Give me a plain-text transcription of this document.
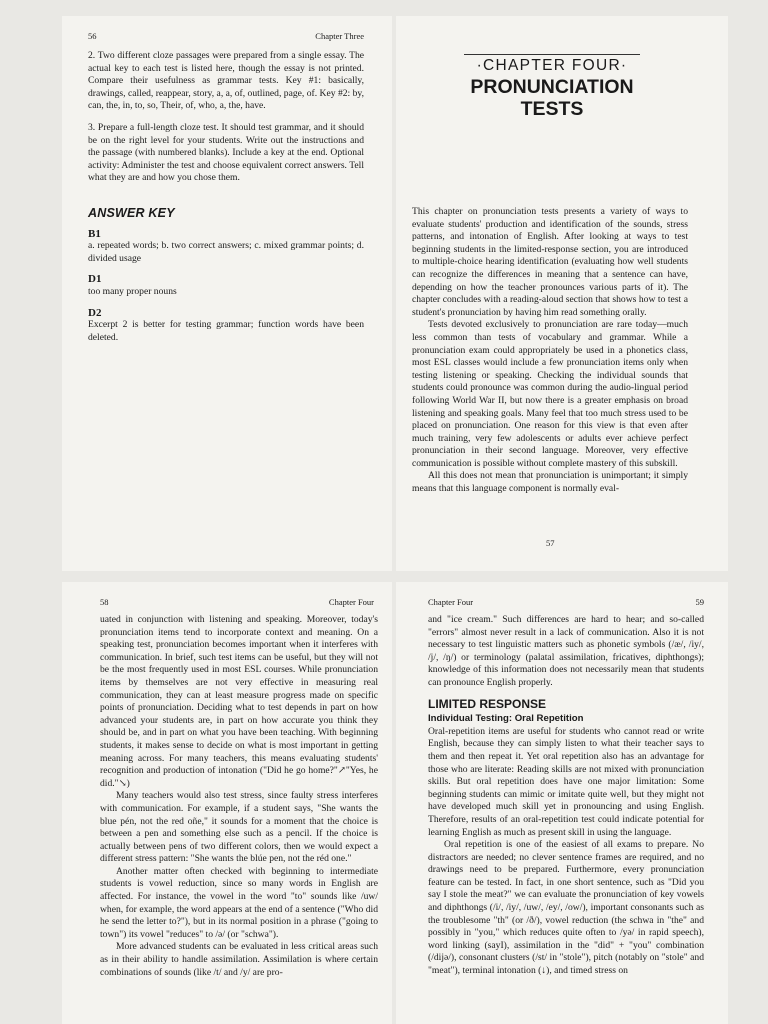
56	Chapter Three

2. Two different cloze passages were prepared from a single essay. The actual key to each test is listed here, though the essay is not printed. Compare their usefulness as grammar tests. Key #1: basically, drawings, called, reappear, story, a, a, of, outlined, page, of. Key #2: by, can, the, in, to, so, Their, of, who, a, the, have.

3. Prepare a full-length cloze test. It should test grammar, and it should be on the right level for your students. Write out the instructions and the passage (with numbered blanks). Include a key at the end. Optional activity: Administer the test and choose equivalent correct answers. Tell what they are and how you chose them.

ANSWER KEY

B1

a. repeated words; b. two correct answers; c. mixed grammar points; d. divided usage

D1

too many proper nouns

D2

Excerpt 2 is better for testing grammar; function words have been deleted.

·CHAPTER FOUR·
PRONUNCIATION
TESTS

This chapter on pronunciation tests presents a variety of ways to evaluate students' production and identification of the sounds, stress patterns, and intonation of English. After looking at ways to test beginning students in the limited-response section, you are introduced to multiple-choice hearing identification (evaluating how well students can recognize the differences in meaning that a sentence can have, depending on how the teacher pronounces various parts of it). The chapter concludes with a reading-aloud section that shows how to test a student's pronunciation by having him read something orally.

Tests devoted exclusively to pronunciation are rare today—much less common than tests of vocabulary and grammar. While a pronunciation exam could appropriately be used in a phonetics class, most ESL classes would include a few pronunciation items only when testing listening or speaking. Checking the individual sounds that students could pronounce was common during the audio-lingual period following World War II, but now there is a greater emphasis on broad listening and speaking goals. Many feel that too much stress used to be placed on pronunciation. One reason for this view is that even after much training, very few adolescents or adults ever achieve perfect pronunciation in their second language. Moreover, very effective communication is possible without complete mastery of this subskill.

All this does not mean that pronunciation is unimportant; it simply means that this language component is normally eval-

57
58	Chapter Four

uated in conjunction with listening and speaking. Moreover, today's pronunciation items tend to incorporate context and meaning. On a speaking test, pronunciation becomes important when it interferes with communication. In brief, such test items can be useful, but they will not be the most frequently used in most ESL courses. While pronunciation items by themselves are not very effective in measuring real communication, they can at least measure progress made on specific points of pronunciation. Deciding what to test depends in part on how advanced your students are, in part on how accurate you think they should be, and in part on what you have been teaching. With beginning students, it makes sense to decide on what is most important in getting meaning across. For many teachers, this means evaluating students' recognition and production of intonation ("Did he go home?"↗"Yes, he did."↘)

Many teachers would also test stress, since faulty stress interferes with communication. For example, if a student says, "She wants the blue pén, not the red oñe," it sounds for a moment that the choice is between a pen and something else such as a pencil. If the choice is actually between pens of two different colors, then we would expect a different stress pattern: "She wants the blúe pen, not the réd one."

Another matter often checked with beginning to intermediate students is vowel reduction, since so many words in English are affected. For instance, the vowel in the word "to" sounds like /uw/ when, for example, the word appears at the end of a sentence ("Who did he send the letter to?"), but in its normal position in a phrase ("going to town") its vowel "reduces" to /ə/ (or "schwa").

More advanced students can be evaluated in less critical areas such as in their ability to handle assimilation. Assimilation is where certain combinations of sounds (like /t/ and /y/ are pro-

Chapter Four	59

and "ice cream." Such differences are hard to hear; and so-called "errors" almost never result in a lack of communication. Also it is not necessary to test linguistic matters such as phonetic symbols (/æ/, /iy/, /j/, /ŋ/) or terminology (palatal assimilation, fricatives, diphthongs); knowledge of this information does not necessarily mean that students can pronounce English properly.

LIMITED RESPONSE

Individual Testing: Oral Repetition

Oral-repetition items are useful for students who cannot read or write English, because they can simply listen to what their teacher says to them and then repeat it. Yet oral repetition also has an advantage for those who are literate: Reading skills are not mixed with pronunciation skills. But oral repetition does have one major limitation: Some beginning students can mimic or imitate quite well, but they might not have developed much skill yet in pronouncing and using English. Therefore, results of an oral-repetition test could indicate potential for learning English as much as present skill in using the language.

Oral repetition is one of the easiest of all exams to prepare. No distractors are needed; no clever sentence frames are required, and no drawings need to be prepared. Furthermore, every pronunciation feature can be tested. In fact, in one short sentence, such as "Did you say I stole the meat?" we can evaluate the pronunciation of key vowels and diphthongs (/i/, /iy/, /uw/, /ey/, /ow/), important consonants such as the troublesome "th" (or /ð/), vowel reduction (the schwa in "the" and possibly in "you," which reduces quite often to /yə/ in rapid speech), word linking (sayI), assimilation in the "did" + "you" combination (/dijə/), consonant clusters (/st/ in "stole"), pitch (notably on "stole" and "meat"), terminal intonation (↓), and timed stress on
